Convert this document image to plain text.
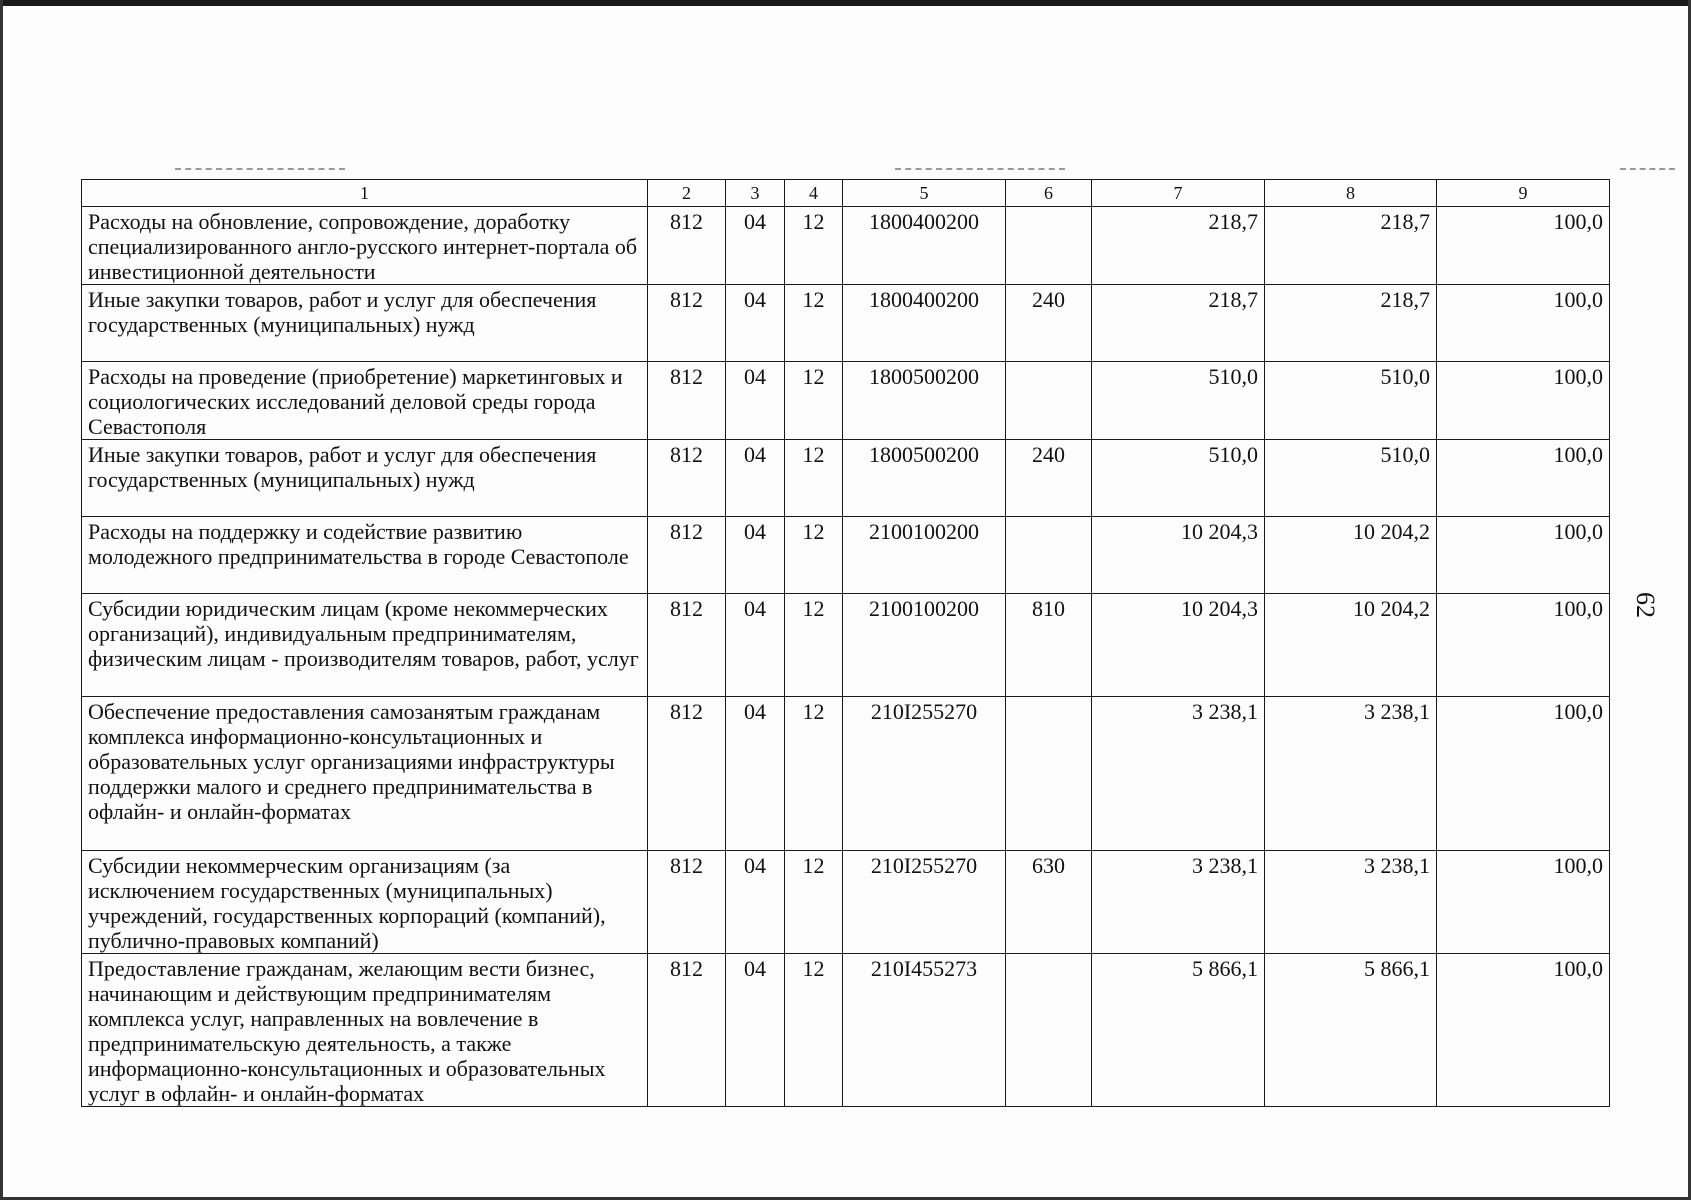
62
1	2	3	4	5	6	7	8	9
Расходы на обновление, сопровождение, доработку специализированного англо-русского интернет-портала об инвестиционной деятельности	812	04	12	1800400200		218,7	218,7	100,0
Иные закупки товаров, работ и услуг для обеспечения государственных (муниципальных) нужд	812	04	12	1800400200	240	218,7	218,7	100,0
Расходы на проведение (приобретение) маркетинговых и социологических исследований деловой среды города Севастополя	812	04	12	1800500200		510,0	510,0	100,0
Иные закупки товаров, работ и услуг для обеспечения государственных (муниципальных) нужд	812	04	12	1800500200	240	510,0	510,0	100,0
Расходы на поддержку и содействие развитию молодежного предпринимательства в городе Севастополе	812	04	12	2100100200		10 204,3	10 204,2	100,0
Субсидии юридическим лицам (кроме некоммерческих организаций), индивидуальным предпринимателям, физическим лицам - производителям товаров, работ, услуг	812	04	12	2100100200	810	10 204,3	10 204,2	100,0
Обеспечение предоставления самозанятым гражданам комплекса информационно-консультационных и образовательных услуг организациями инфраструктуры поддержки малого и среднего предпринимательства в офлайн- и онлайн-форматах	812	04	12	210I255270		3 238,1	3 238,1	100,0
Субсидии некоммерческим организациям (за исключением государственных (муниципальных) учреждений, государственных корпораций (компаний), публично-правовых компаний)	812	04	12	210I255270	630	3 238,1	3 238,1	100,0
Предоставление гражданам, желающим вести бизнес, начинающим и действующим предпринимателям комплекса услуг, направленных на вовлечение в предпринимательскую деятельность, а также информационно-консультационных и образовательных услуг в офлайн- и онлайн-форматах	812	04	12	210I455273		5 866,1	5 866,1	100,0
